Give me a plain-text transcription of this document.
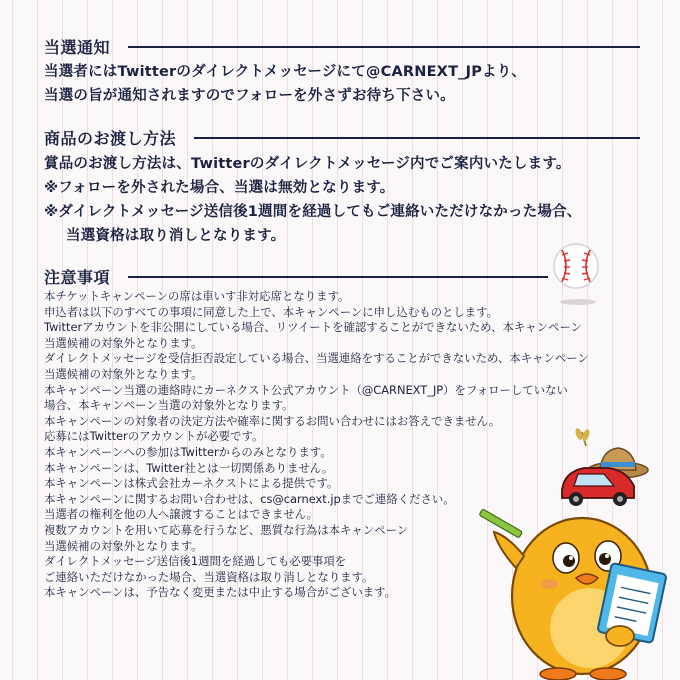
当選通知
当選者にはTwitterのダイレクトメッセージにて@CARNEXT_JPより、
当選の旨が通知されますのでフォローを外さずお待ち下さい。
商品のお渡し方法
賞品のお渡し方法は、Twitterのダイレクトメッセージ内でご案内いたします。
※フォローを外された場合、当選は無効となります。
※ダイレクトメッセージ送信後1週間を経過してもご連絡いただけなかった場合、
当選資格は取り消しとなります。
注意事項
本チケットキャンペーンの席は車いす非対応席となります。
申込者は以下のすべての事項に同意した上で、本キャンペーンに申し込むものとします。
Twitterアカウントを非公開にしている場合、リツイートを確認することができないため、本キャンペーン
当選候補の対象外となります。
ダイレクトメッセージを受信拒否設定している場合、当選連絡をすることができないため、本キャンペーン
当選候補の対象外となります。
本キャンペーン当選の連絡時にカーネクスト公式アカウント（@CARNEXT_JP）をフォローしていない
場合、本キャンペーン当選の対象外となります。
本キャンペーンの対象者の決定方法や確率に関するお問い合わせにはお答えできません。
応募にはTwitterのアカウントが必要です。
本キャンペーンへの参加はTwitterからのみとなります。
本キャンペーンは、Twitter社とは一切関係ありません。
本キャンペーンは株式会社カーネクストによる提供です。
本キャンペーンに関するお問い合わせは、cs@carnext.jpまでご連絡ください。
当選者の権利を他の人へ譲渡することはできません。
複数アカウントを用いて応募を行うなど、悪質な行為は本キャンペーン
当選候補の対象外となります。
ダイレクトメッセージ送信後1週間を経過しても必要事項を
ご連絡いただけなかった場合、当選資格は取り消しとなります。
本キャンペーンは、予告なく変更または中止する場合がございます。
